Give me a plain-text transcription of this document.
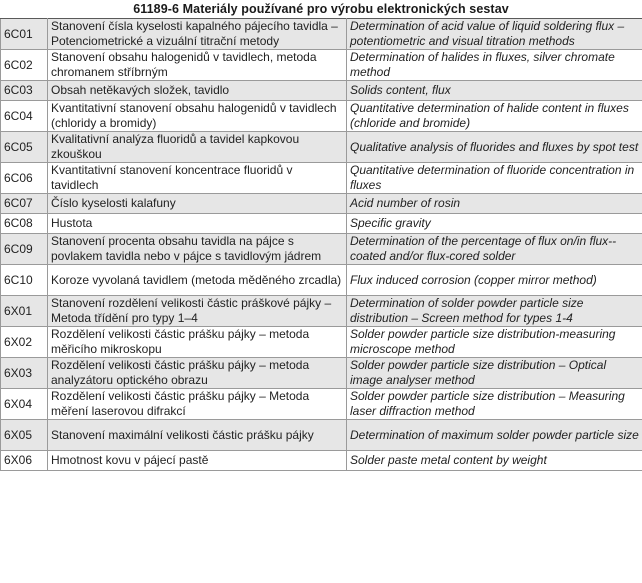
61189-6 Materiály používané pro výrobu elektronických sestav
6C01	Stanovení čísla kyselosti kapalného pájecího tavidla – Potenciometrické a vizuální titrační metody	Determination of acid value of liquid soldering flux – potentiometric and visual titration methods
6C02	Stanovení obsahu halogenidů v tavidlech, metoda chromanem stříbrným	Determination of halides in fluxes, silver chromate method
6C03	Obsah netěkavých složek, tavidlo	Solids content, flux
6C04	Kvantitativní stanovení obsahu halogenidů v tavidlech (chloridy a bromidy)	Quantitative determination of halide content in fluxes (chloride and bromide)
6C05	Kvalitativní analýza fluoridů a tavidel kapkovou zkouškou	Qualitative analysis of fluorides and fluxes by spot test
6C06	Kvantitativní stanovení koncentrace fluoridů v tavidlech	Quantitative determination of fluoride concentration in fluxes
6C07	Číslo kyselosti kalafuny	Acid number of rosin
6C08	Hustota	Specific gravity
6C09	Stanovení procenta obsahu tavidla na pájce s povlakem tavidla nebo v pájce s tavidlovým jádrem	Determination of the percentage of flux on/in flux--coated and/or flux-cored solder
6C10	Koroze vyvolaná tavidlem (metoda měděného zrcadla)	Flux induced corrosion (copper mirror method)
6X01	Stanovení rozdělení velikosti částic práškové pájky – Metoda třídění pro typy 1–4	Determination of solder powder particle size distribution – Screen method for types 1-4
6X02	Rozdělení velikosti částic prášku pájky – metoda měřicího mikroskopu	Solder powder particle size distribution-measuring microscope method
6X03	Rozdělení velikosti částic prášku pájky – metoda analyzátoru optického obrazu	Solder powder particle size distribution – Optical image analyser method
6X04	Rozdělení velikosti částic prášku pájky – Metoda měření laserovou difrakcí	Solder powder particle size distribution – Measuring laser diffraction method
6X05	Stanovení maximální velikosti částic prášku pájky	Determination of maximum solder powder particle size
6X06	Hmotnost kovu v pájecí pastě	Solder paste metal content by weight
